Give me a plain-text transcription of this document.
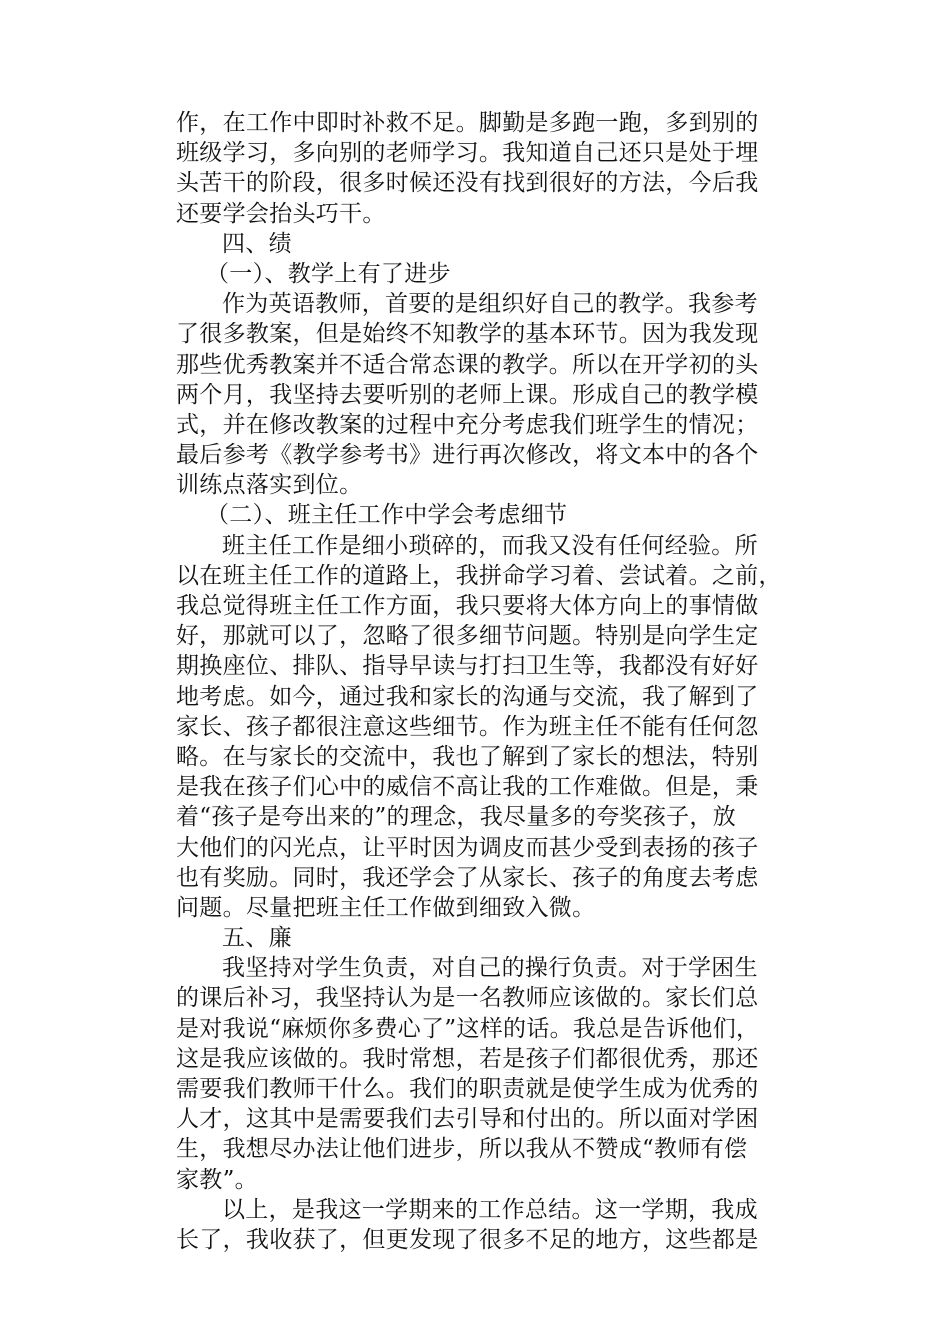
作，在工作中即时补救不足。脚勤是多跑一跑，多到别的
班级学习，多向别的老师学习。我知道自己还只是处于埋
头苦干的阶段，很多时候还没有找到很好的方法，今后我
还要学会抬头巧干。
四、绩
（一）、教学上有了进步
作为英语教师，首要的是组织好自己的教学。我参考
了很多教案，但是始终不知教学的基本环节。因为我发现
那些优秀教案并不适合常态课的教学。所以在开学初的头
两个月，我坚持去要听别的老师上课。形成自己的教学模
式，并在修改教案的过程中充分考虑我们班学生的情况；
最后参考《教学参考书》进行再次修改，将文本中的各个
训练点落实到位。
（二）、班主任工作中学会考虑细节
班主任工作是细小琐碎的，而我又没有任何经验。所
以在班主任工作的道路上，我拼命学习着、尝试着。之前，
我总觉得班主任工作方面，我只要将大体方向上的事情做
好，那就可以了，忽略了很多细节问题。特别是向学生定
期换座位、排队、指导早读与打扫卫生等，我都没有好好
地考虑。如今，通过我和家长的沟通与交流，我了解到了
家长、孩子都很注意这些细节。作为班主任不能有任何忽
略。在与家长的交流中，我也了解到了家长的想法，特别
是我在孩子们心中的威信不高让我的工作难做。但是，秉
着“孩子是夸出来的”的理念，我尽量多的夸奖孩子，放
大他们的闪光点，让平时因为调皮而甚少受到表扬的孩子
也有奖励。同时，我还学会了从家长、孩子的角度去考虑
问题。尽量把班主任工作做到细致入微。
五、廉
我坚持对学生负责，对自己的操行负责。对于学困生
的课后补习，我坚持认为是一名教师应该做的。家长们总
是对我说“麻烦你多费心了”这样的话。我总是告诉他们，
这是我应该做的。我时常想，若是孩子们都很优秀，那还
需要我们教师干什么。我们的职责就是使学生成为优秀的
人才，这其中是需要我们去引导和付出的。所以面对学困
生，我想尽办法让他们进步，所以我从不赞成“教师有偿
家教”。
以上，是我这一学期来的工作总结。这一学期，我成
长了，我收获了，但更发现了很多不足的地方，这些都是
